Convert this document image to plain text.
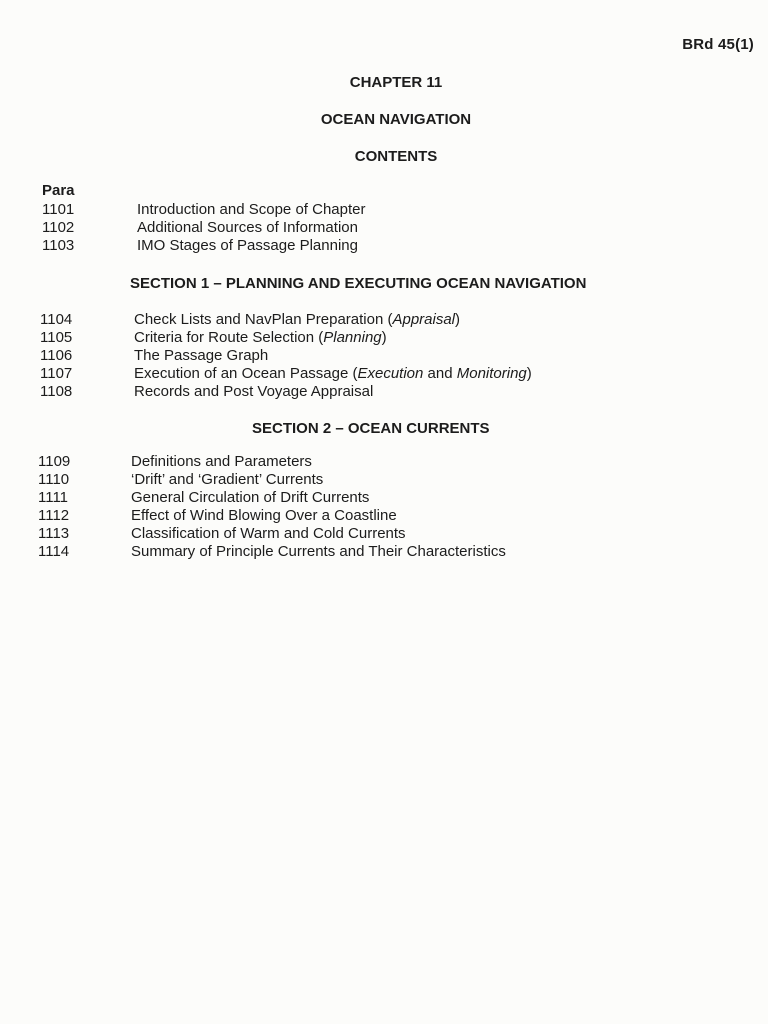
BRd 45(1)
CHAPTER 11
OCEAN NAVIGATION
CONTENTS
Para
1101	Introduction and Scope of Chapter
1102	Additional Sources of Information
1103	IMO Stages of Passage Planning
SECTION 1 – PLANNING AND EXECUTING OCEAN NAVIGATION
1104	Check Lists and NavPlan Preparation (Appraisal)
1105	Criteria for Route Selection (Planning)
1106	The Passage Graph
1107	Execution of an Ocean Passage (Execution and Monitoring)
1108	Records and Post Voyage Appraisal
SECTION 2 – OCEAN CURRENTS
1109	Definitions and Parameters
1110	‘Drift’ and ‘Gradient’ Currents
1111	General Circulation of Drift Currents
1112	Effect of Wind Blowing Over a Coastline
1113	Classification of Warm and Cold Currents
1114	Summary of Principle Currents and Their Characteristics
